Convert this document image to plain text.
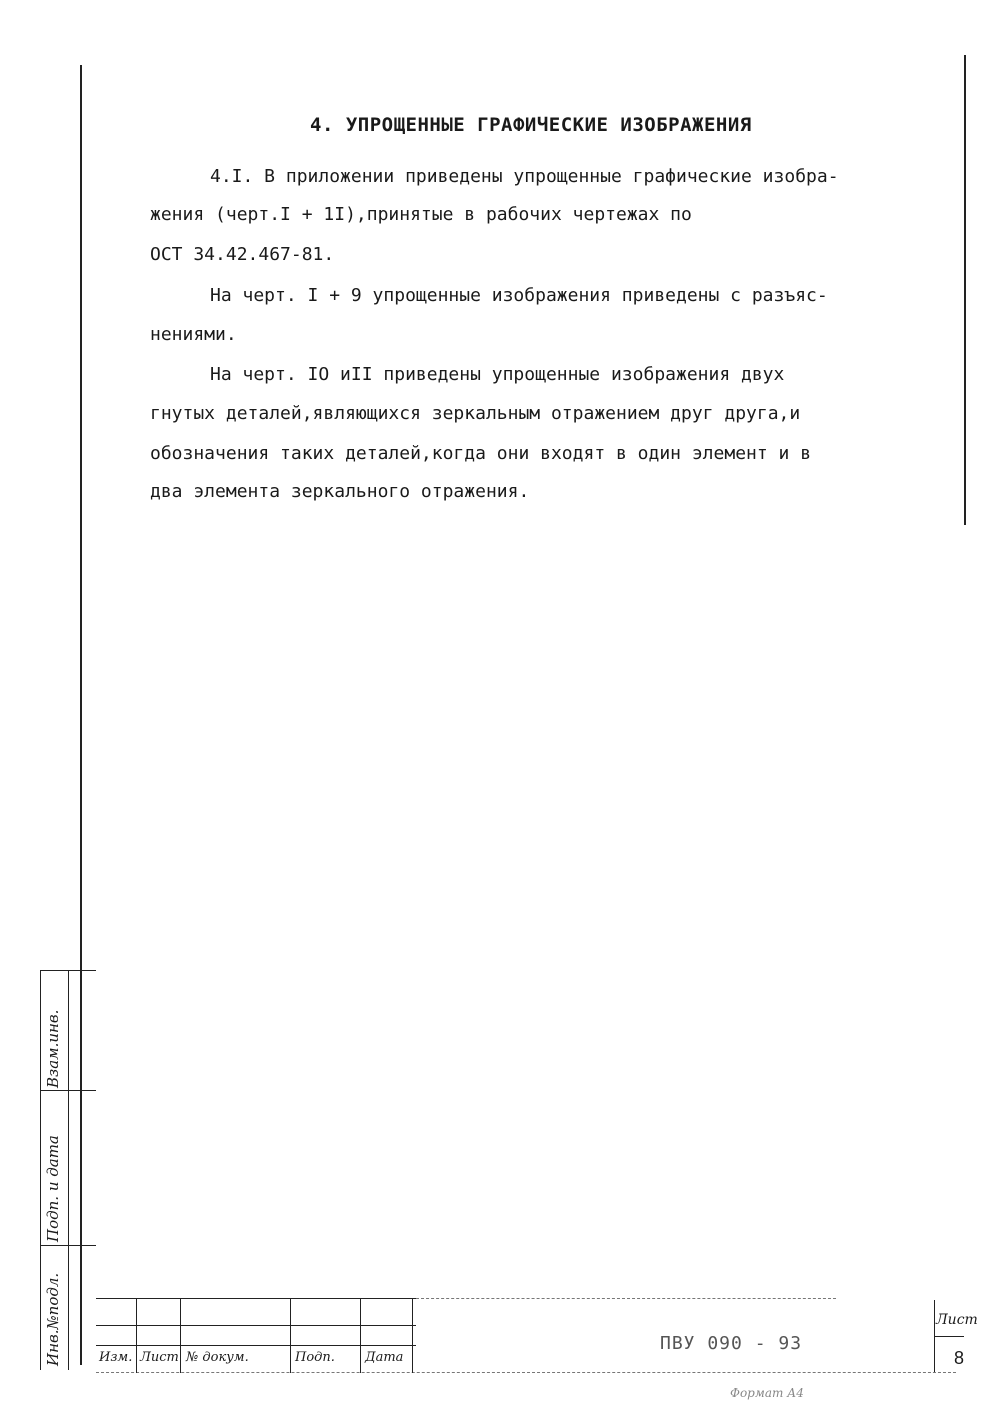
4. УПРОЩЕННЫЕ ГРАФИЧЕСКИЕ ИЗОБРАЖЕНИЯ
4.I. В приложении приведены упрощенные графические изобра-
жения (черт.I + 1I),принятые в рабочих чертежах по
ОСТ 34.42.467-81.
На черт. I + 9 упрощенные изображения приведены с разъяс-
нениями.
На черт. IO иII приведены упрощенные изображения двух
гнутых деталей,являющихся зеркальным отражением друг друга,и
обозначения таких деталей,когда они входят в один элемент и в
два элемента зеркального отражения.
Взам.инв.
Подп. и дата
Инв.№подл.	Изм. Лист № докум.	Подп. Дата
ПВУ 090 - 93
Лист
8
Формат А4
